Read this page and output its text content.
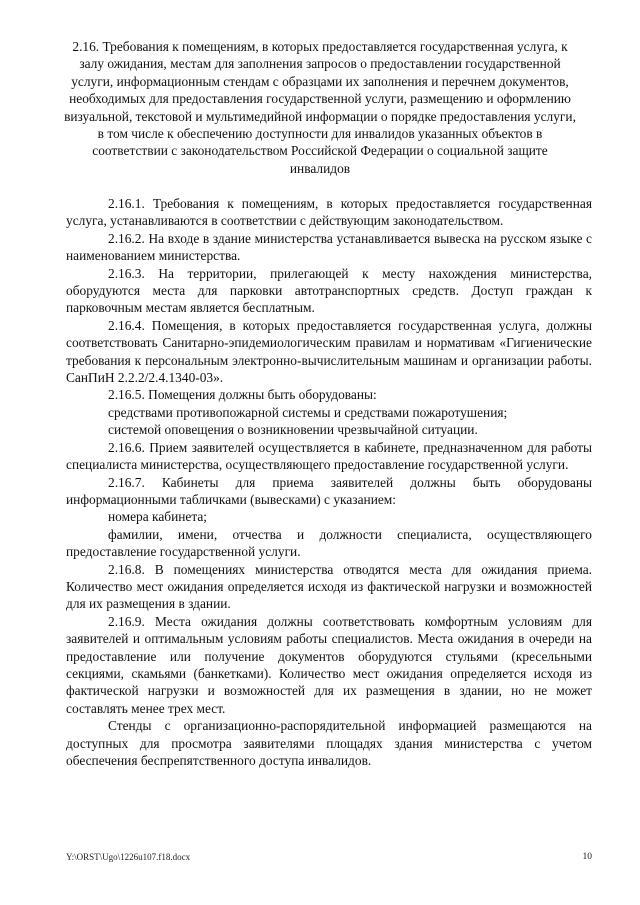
2.16. Требования к помещениям, в которых предоставляется государственная услуга, к залу ожидания, местам для заполнения запросов о предоставлении государственной услуги, информационным стендам с образцами их заполнения и перечнем документов, необходимых для предоставления государственной услуги, размещению и оформлению визуальной, текстовой и мультимедийной информации о порядке предоставления услуги, в том числе к обеспечению доступности для инвалидов указанных объектов в соответствии с законодательством Российской Федерации о социальной защите инвалидов

2.16.1. Требования к помещениям, в которых предоставляется государственная услуга, устанавливаются в соответствии с действующим законодательством.

2.16.2. На входе в здание министерства устанавливается вывеска на русском языке с наименованием министерства.

2.16.3. На территории, прилегающей к месту нахождения министерства, оборудуются места для парковки автотранспортных средств. Доступ граждан к парковочным местам является бесплатным.

2.16.4. Помещения, в которых предоставляется государственная услуга, должны соответствовать Санитарно-эпидемиологическим правилам и нормативам «Гигиенические требования к персональным электронно-вычислительным машинам и организации работы. СанПиН 2.2.2/2.4.1340-03».

2.16.5. Помещения должны быть оборудованы:

средствами противопожарной системы и средствами пожаротушения;

системой оповещения о возникновении чрезвычайной ситуации.

2.16.6. Прием заявителей осуществляется в кабинете, предназначенном для работы специалиста министерства, осуществляющего предоставление государственной услуги.

2.16.7. Кабинеты для приема заявителей должны быть оборудованы информационными табличками (вывесками) с указанием:

номера кабинета;

фамилии, имени, отчества и должности специалиста, осуществляющего предоставление государственной услуги.

2.16.8. В помещениях министерства отводятся места для ожидания приема. Количество мест ожидания определяется исходя из фактической нагрузки и возможностей для их размещения в здании.

2.16.9. Места ожидания должны соответствовать комфортным условиям для заявителей и оптимальным условиям работы специалистов. Места ожидания в очереди на предоставление или получение документов оборудуются стульями (кресельными секциями, скамьями (банкетками). Количество мест ожидания определяется исходя из фактической нагрузки и возможностей для их размещения в здании, но не может составлять менее трех мест.

Стенды с организационно-распорядительной информацией размещаются на доступных для просмотра заявителями площадях здания министерства с учетом обеспечения беспрепятственного доступа инвалидов.

Y:\ORST\Ugo\1226u107.f18.docx	10
